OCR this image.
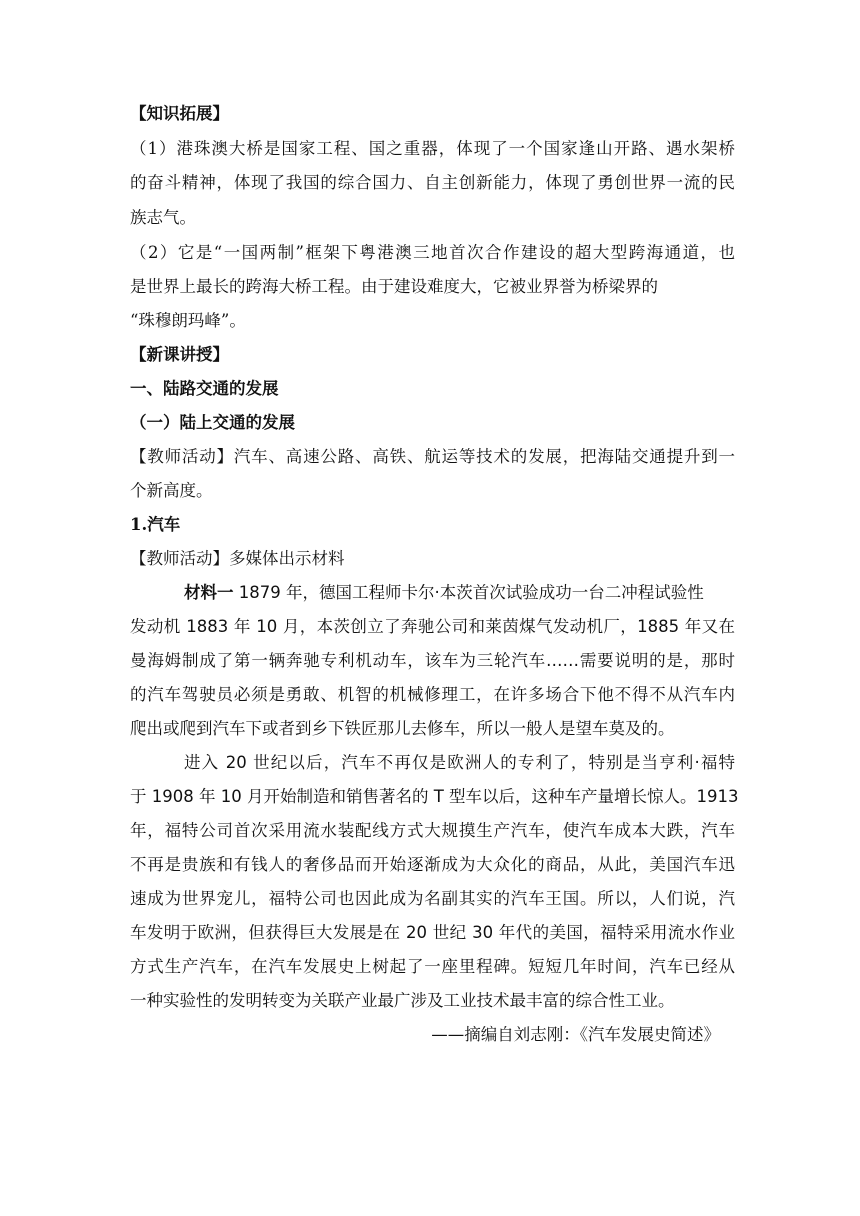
【知识拓展】
（1）港珠澳大桥是国家工程、国之重器，体现了一个国家逢山开路、遇水架桥
的奋斗精神，体现了我国的综合国力、自主创新能力，体现了勇创世界一流的民
族志气。
（2）它是“一国两制”框架下粤港澳三地首次合作建设的超大型跨海通道，也
是世界上最长的跨海大桥工程。由于建设难度大，它被业界誉为桥梁界的
“珠穆朗玛峰”。
【新课讲授】
一、陆路交通的发展
（一）陆上交通的发展
【教师活动】汽车、高速公路、高铁、航运等技术的发展，把海陆交通提升到一
个新高度。
1.汽车
【教师活动】多媒体出示材料
材料一 1879 年，德国工程师卡尔·本茨首次试验成功一台二冲程试验性
发动机 1883 年 10 月，本茨创立了奔驰公司和莱茵煤气发动机厂，1885 年又在
曼海姆制成了第一辆奔驰专利机动车，该车为三轮汽车……需要说明的是，那时
的汽车驾驶员必须是勇敢、机智的机械修理工，在许多场合下他不得不从汽车内
爬出或爬到汽车下或者到乡下铁匠那儿去修车，所以一般人是望车莫及的。
进入 20 世纪以后，汽车不再仅是欧洲人的专利了，特别是当亨利·福特
于 1908 年 10 月开始制造和销售著名的 T 型车以后，这种车产量增长惊人。1913
年，福特公司首次采用流水装配线方式大规摸生产汽车，使汽车成本大跌，汽车
不再是贵族和有钱人的奢侈品而开始逐渐成为大众化的商品，从此，美国汽车迅
速成为世界宠儿，福特公司也因此成为名副其实的汽车王国。所以，人们说，汽
车发明于欧洲，但获得巨大发展是在 20 世纪 30 年代的美国，福特采用流水作业
方式生产汽车，在汽车发展史上树起了一座里程碑。短短几年时间，汽车已经从
一种实验性的发明转变为关联产业最广涉及工业技术最丰富的综合性工业。
——摘编自刘志刚：《汽车发展史简述》
